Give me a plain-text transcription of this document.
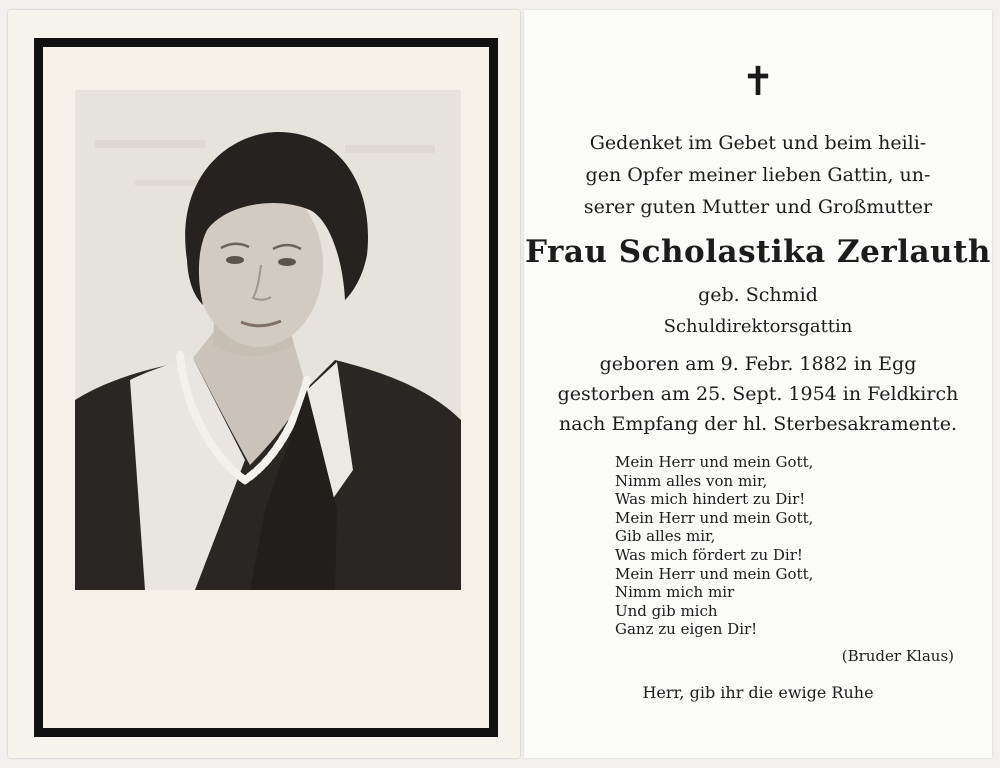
✝
Gedenket im Gebet und beim heili-
gen Opfer meiner lieben Gattin, un-
serer guten Mutter und Großmutter
Frau Scholastika Zerlauth
geb. Schmid
Schuldirektorsgattin
geboren am 9. Febr. 1882 in Egg
gestorben am 25. Sept. 1954 in Feldkirch
nach Empfang der hl. Sterbesakramente.
Mein Herr und mein Gott,
Nimm alles von mir,
Was mich hindert zu Dir!
Mein Herr und mein Gott,
Gib alles mir,
Was mich fördert zu Dir!
Mein Herr und mein Gott,
Nimm mich mir
Und gib mich
Ganz zu eigen Dir!
(Bruder Klaus)
Herr, gib ihr die ewige Ruhe
